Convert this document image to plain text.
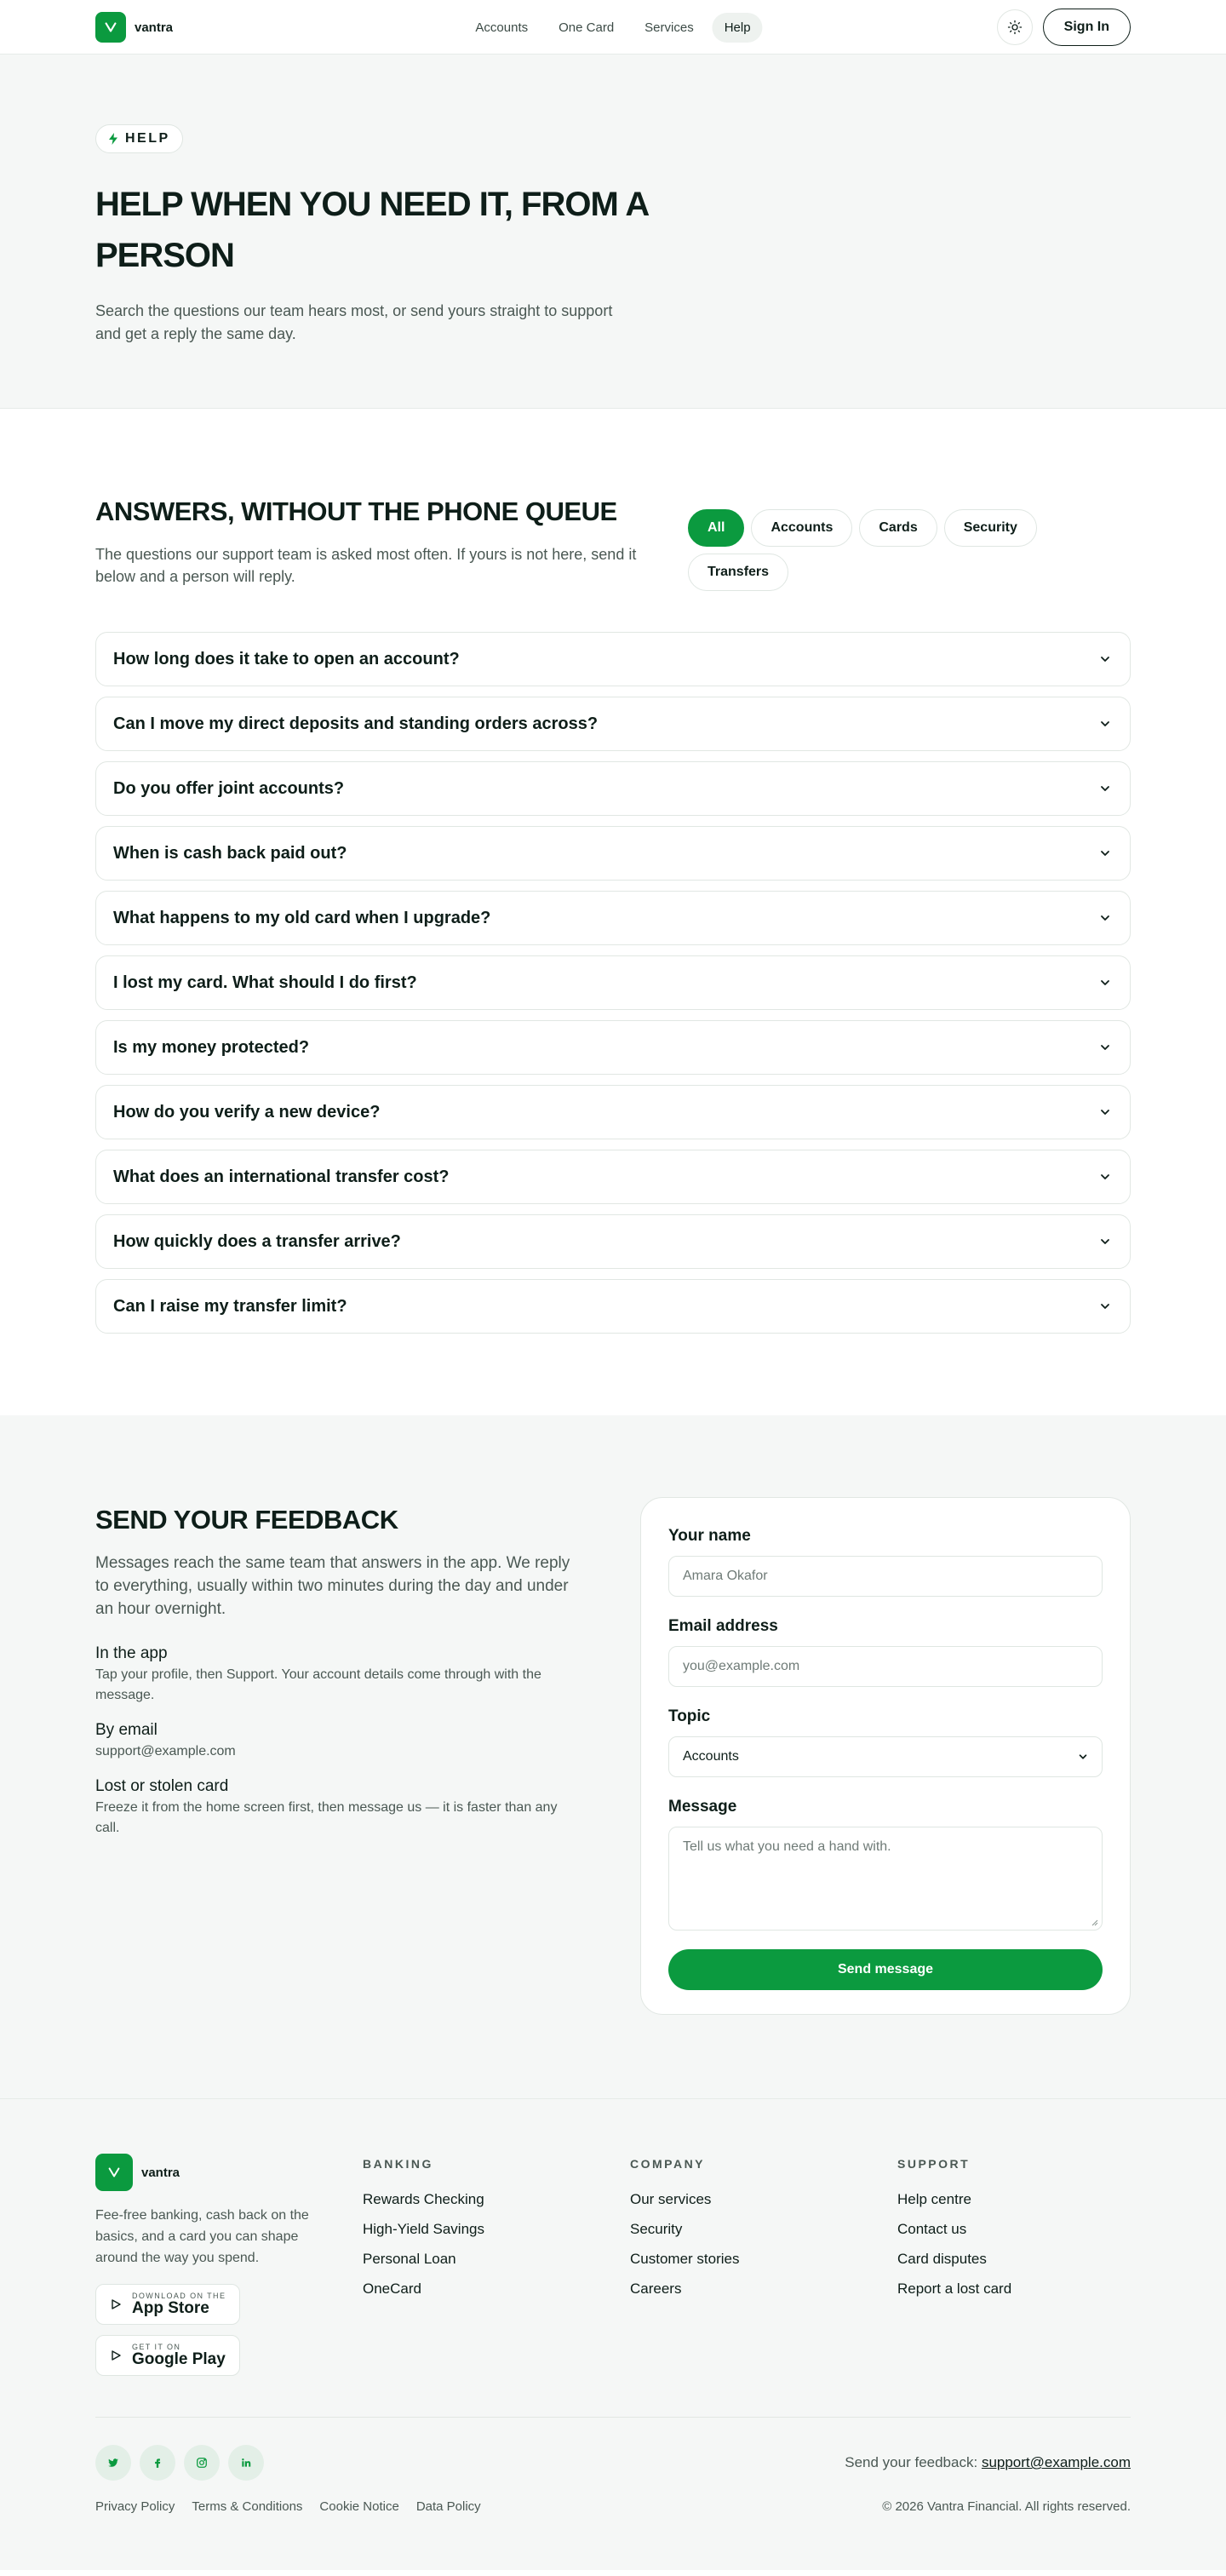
vantra	Accounts	One Card	Services	Help	Sign In
HELP
HELP WHEN YOU NEED IT, FROM A PERSON

Search the questions our team hears most, or send yours straight to support and get a reply the same day.

ANSWERS, WITHOUT THE PHONE QUEUE

The questions our support team is asked most often. If yours is not here, send it below and a person will reply.

All	Accounts	Cards	Security
Transfers
How long does it take to open an account?
Can I move my direct deposits and standing orders across?
Do you offer joint accounts?
When is cash back paid out?
What happens to my old card when I upgrade?
I lost my card. What should I do first?
Is my money protected?
How do you verify a new device?
What does an international transfer cost?
How quickly does a transfer arrive?
Can I raise my transfer limit?
SEND YOUR FEEDBACK

Messages reach the same team that answers in the app. We reply to everything, usually within two minutes during the day and under an hour overnight.

In the app
Tap your profile, then Support. Your account details come through with the message.
By email
support@example.com
Lost or stolen card
Freeze it from the home screen first, then message us — it is faster than any call.
Your name
Amara Okafor
Email address
you@example.com
Topic
Accounts
Message
Tell us what you need a hand with.
Send message
vantra

Fee-free banking, cash back on the basics, and a card you can shape around the way you spend.

DOWNLOAD ON THE
App Store
GET IT ON
Google Play
BANKING
Rewards Checking
High-Yield Savings
Personal Loan
OneCard
COMPANY
Our services
Security
Customer stories
Careers
SUPPORT
Help centre
Contact us
Card disputes
Report a lost card
Send your feedback: support@example.com
Privacy Policy Terms & Conditions Cookie Notice Data Policy	© 2026 Vantra Financial. All rights reserved.
